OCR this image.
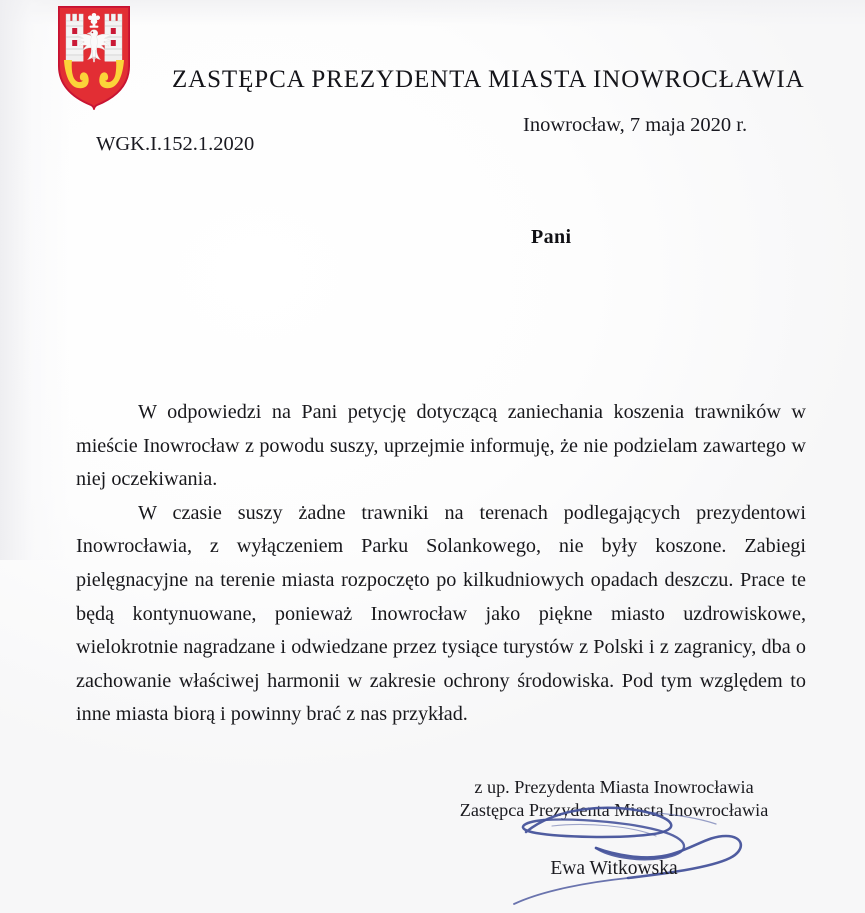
ZASTĘPCA PREZYDENTA MIASTA INOWROCŁAWIA
WGK.I.152.1.2020
Inowrocław, 7 maja 2020 r.
Pani

W odpowiedzi na Pani petycję dotyczącą zaniechania koszenia trawników w mieście Inowrocław z powodu suszy, uprzejmie informuję, że nie podzielam zawartego w niej oczekiwania.

W czasie suszy żadne trawniki na terenach podlegających prezydentowi Inowrocławia, z wyłączeniem Parku Solankowego, nie były koszone. Zabiegi pielęgnacyjne na terenie miasta rozpoczęto po kilkudniowych opadach deszczu. Prace te będą kontynuowane, ponieważ Inowrocław jako piękne miasto uzdrowiskowe, wielokrotnie nagradzane i odwiedzane przez tysiące turystów z Polski i z zagranicy, dba o zachowanie właściwej harmonii w zakresie ochrony środowiska. Pod tym względem to inne miasta biorą i powinny brać z nas przykład.

z up. Prezydenta Miasta Inowrocławia
Zastępca Prezydenta Miasta Inowrocławia
Ewa Witkowska
